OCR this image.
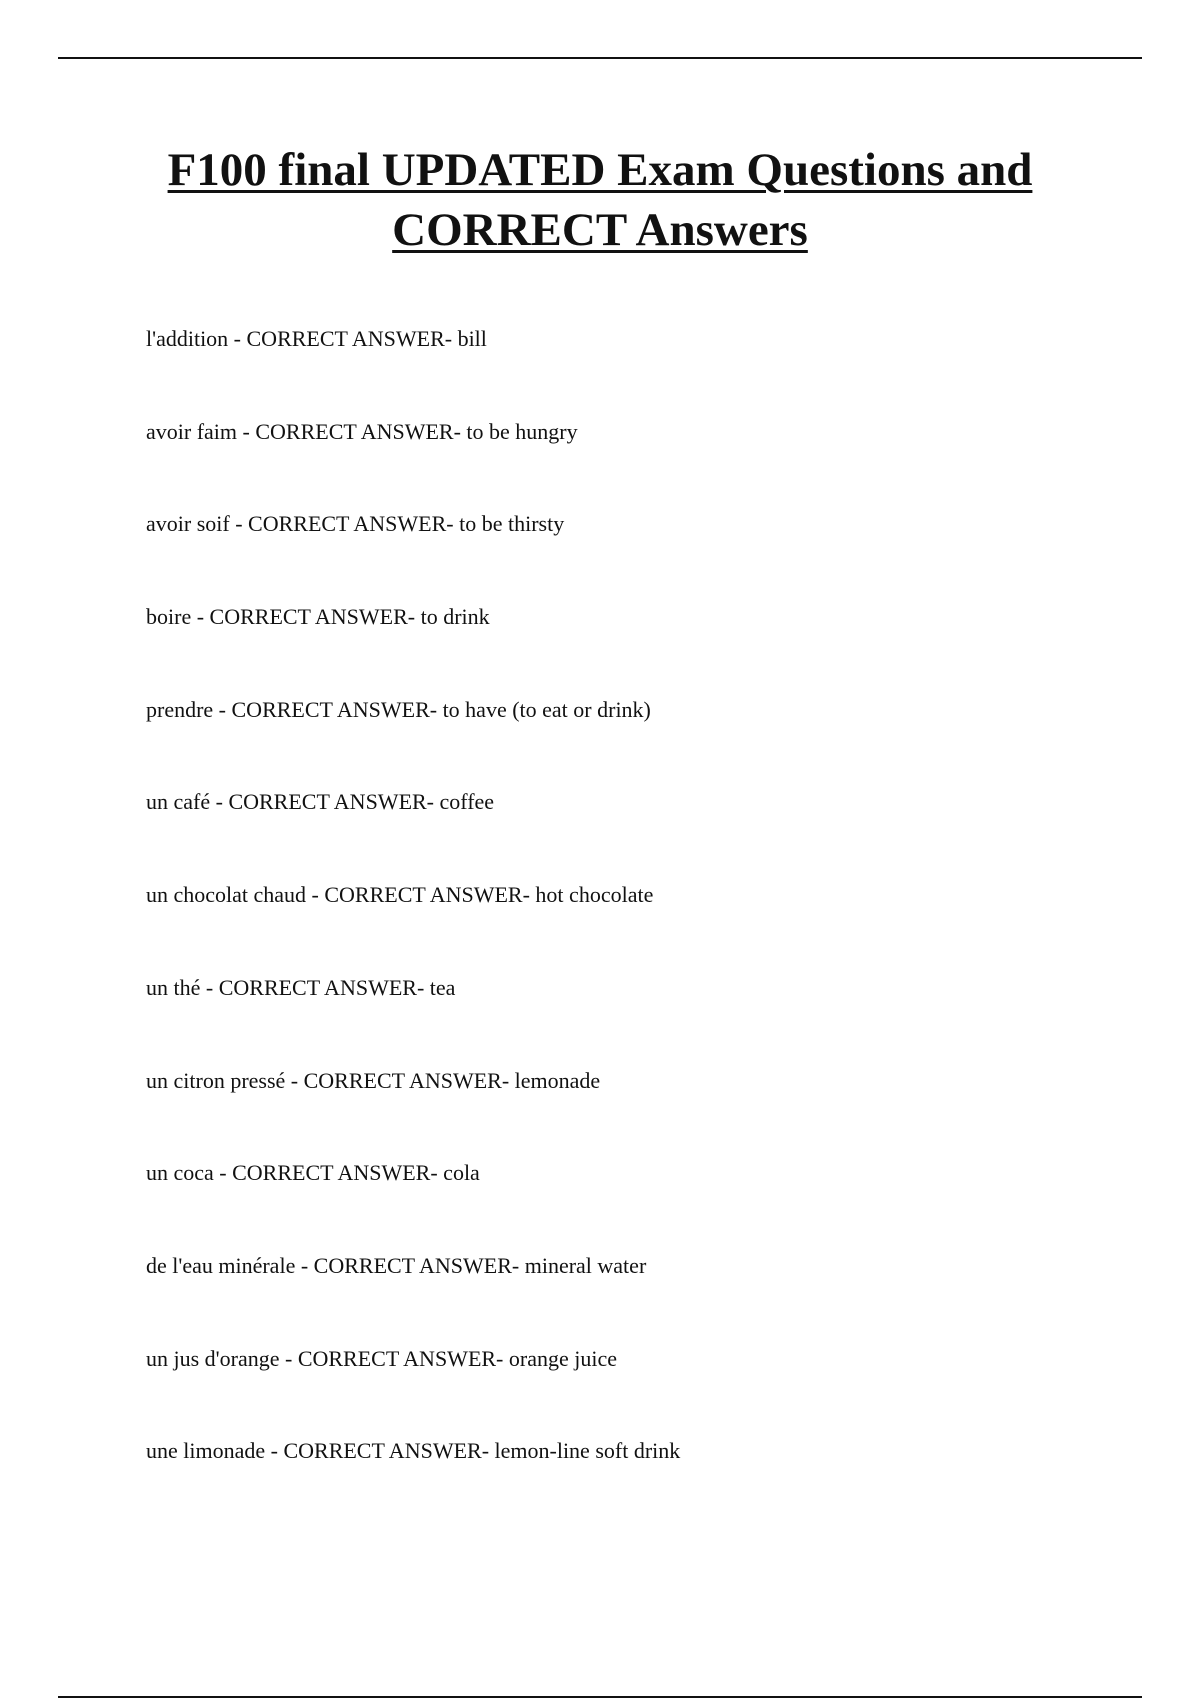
F100 final UPDATED Exam Questions and
CORRECT Answers
l'addition - CORRECT ANSWER- bill
avoir faim - CORRECT ANSWER- to be hungry
avoir soif - CORRECT ANSWER- to be thirsty
boire - CORRECT ANSWER- to drink
prendre - CORRECT ANSWER- to have (to eat or drink)
un café - CORRECT ANSWER- coffee
un chocolat chaud - CORRECT ANSWER- hot chocolate
un thé - CORRECT ANSWER- tea
un citron pressé - CORRECT ANSWER- lemonade
un coca - CORRECT ANSWER- cola
de l'eau minérale - CORRECT ANSWER- mineral water
un jus d'orange - CORRECT ANSWER- orange juice
une limonade - CORRECT ANSWER- lemon-line soft drink
